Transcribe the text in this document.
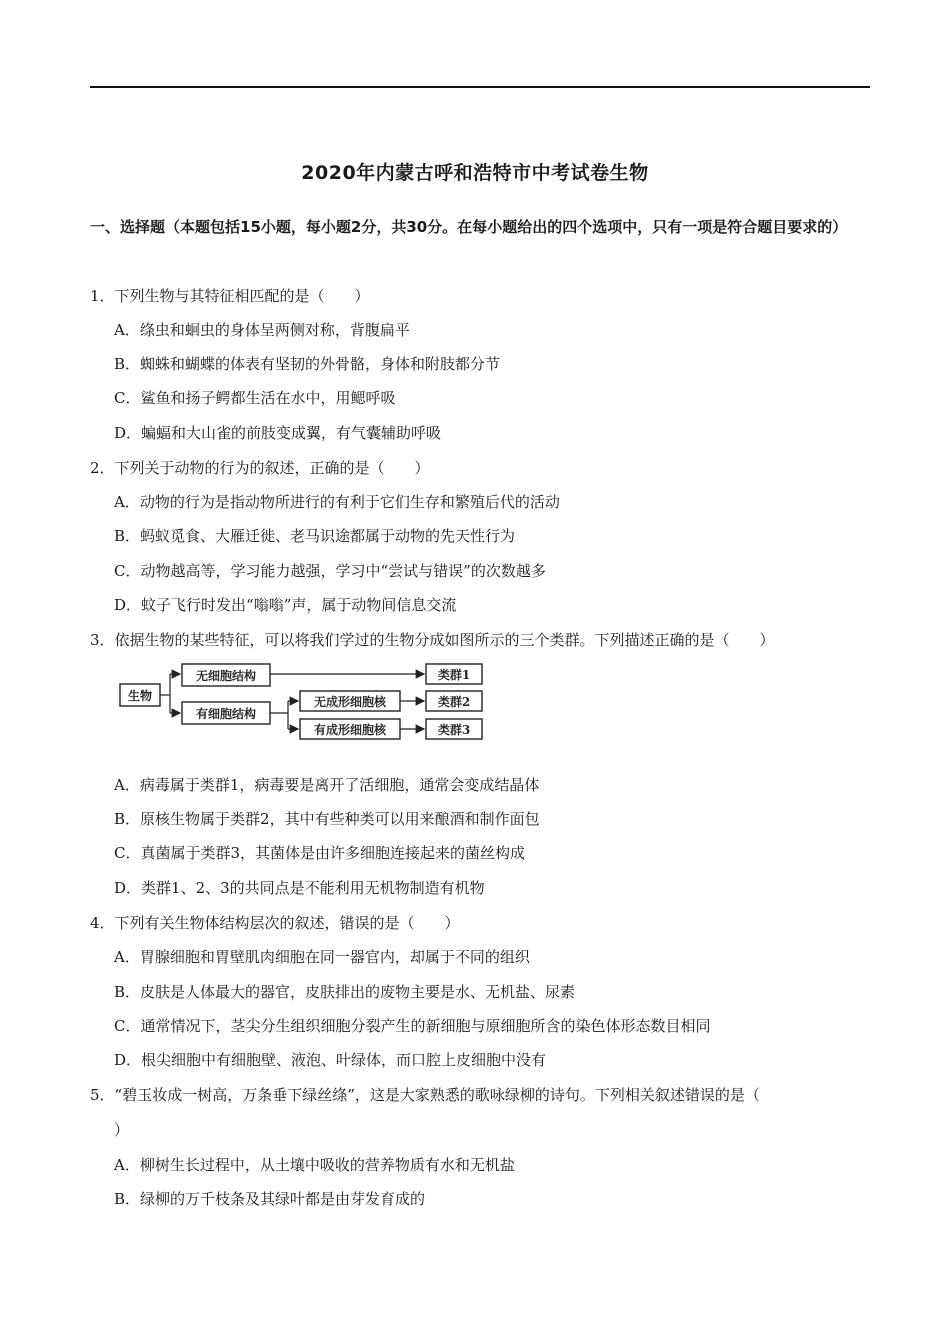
2020年内蒙古呼和浩特市中考试卷生物
一、选择题（本题包括15小题，每小题2分，共30分。在每小题给出的四个选项中，只有一项是符合题目要求的）
1．下列生物与其特征相匹配的是（　　）
A．绦虫和蛔虫的身体呈两侧对称，背腹扁平
B．蜘蛛和蝴蝶的体表有坚韧的外骨骼，身体和附肢都分节
C．鲨鱼和扬子鳄都生活在水中，用鳃呼吸
D．蝙蝠和大山雀的前肢变成翼，有气囊辅助呼吸
2．下列关于动物的行为的叙述，正确的是（　　）
A．动物的行为是指动物所进行的有利于它们生存和繁殖后代的活动
B．蚂蚁觅食、大雁迁徙、老马识途都属于动物的先天性行为
C．动物越高等，学习能力越强，学习中“尝试与错误”的次数越多
D．蚊子飞行时发出“嗡嗡”声，属于动物间信息交流
3．依据生物的某些特征，可以将我们学过的生物分成如图所示的三个类群。下列描述正确的是（　　）
生物
无细胞结构
有细胞结构
无成形细胞核
有成形细胞核
类群1
类群2
类群3
A．病毒属于类群1，病毒要是离开了活细胞，通常会变成结晶体
B．原核生物属于类群2，其中有些种类可以用来酿酒和制作面包
C．真菌属于类群3，其菌体是由许多细胞连接起来的菌丝构成
D．类群1、2、3的共同点是不能利用无机物制造有机物
4．下列有关生物体结构层次的叙述，错误的是（　　）
A．胃腺细胞和胃壁肌肉细胞在同一器官内，却属于不同的组织
B．皮肤是人体最大的器官，皮肤排出的废物主要是水、无机盐、尿素
C．通常情况下，茎尖分生组织细胞分裂产生的新细胞与原细胞所含的染色体形态数目相同
D．根尖细胞中有细胞壁、液泡、叶绿体，而口腔上皮细胞中没有
5．“碧玉妆成一树高，万条垂下绿丝绦”，这是大家熟悉的歌咏绿柳的诗句。下列相关叙述错误的是（
）
A．柳树生长过程中，从土壤中吸收的营养物质有水和无机盐
B．绿柳的万千枝条及其绿叶都是由芽发育成的
